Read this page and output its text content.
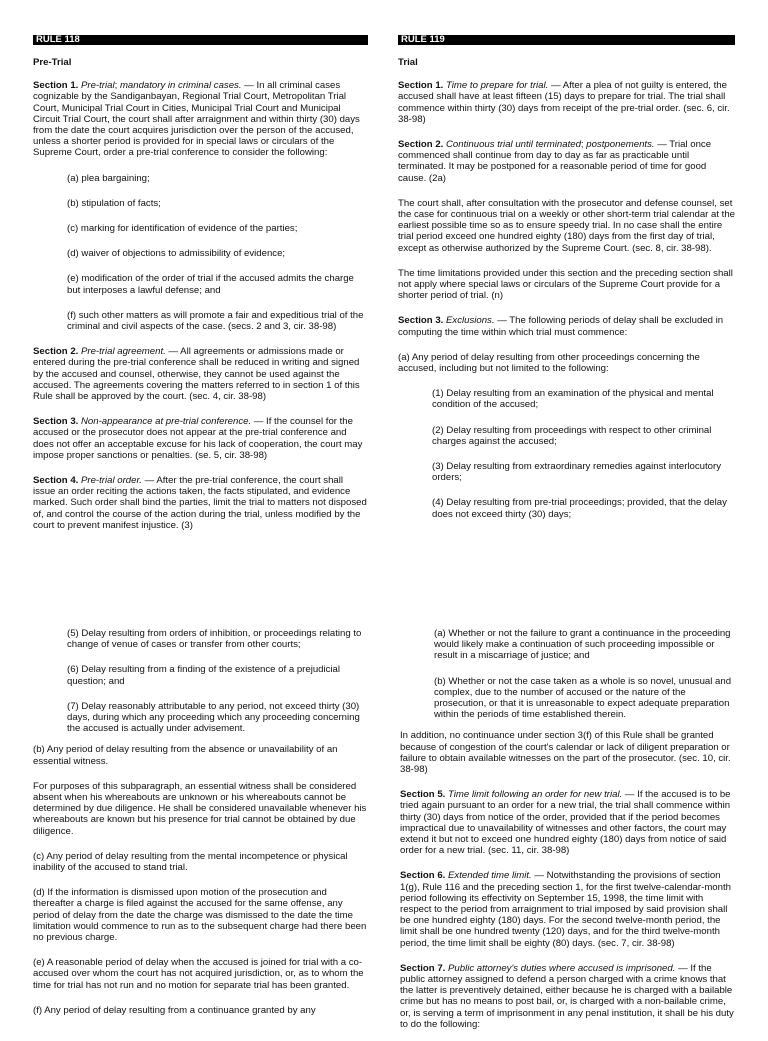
RULE 118
Pre-Trial

Section 1. Pre-trial; mandatory in criminal cases. — In all criminal cases cognizable by the Sandiganbayan, Regional Trial Court, Metropolitan Trial Court, Municipal Trial Court in Cities, Municipal Trial Court and Municipal Circuit Trial Court, the court shall after arraignment and within thirty (30) days from the date the court acquires jurisdiction over the person of the accused, unless a shorter period is provided for in special laws or circulars of the Supreme Court, order a pre-trial conference to consider the following:

(a) plea bargaining;

(b) stipulation of facts;

(c) marking for identification of evidence of the parties;

(d) waiver of objections to admissibility of evidence;

(e) modification of the order of trial if the accused admits the charge but interposes a lawful defense; and

(f) such other matters as will promote a fair and expeditious trial of the criminal and civil aspects of the case. (secs. 2 and 3, cir. 38-98)

Section 2. Pre-trial agreement. — All agreements or admissions made or entered during the pre-trial conference shall be reduced in writing and signed by the accused and counsel, otherwise, they cannot be used against the accused. The agreements covering the matters referred to in section 1 of this Rule shall be approved by the court. (sec. 4, cir. 38-98)

Section 3. Non-appearance at pre-trial conference. — If the counsel for the accused or the prosecutor does not appear at the pre-trial conference and does not offer an acceptable excuse for his lack of cooperation, the court may impose proper sanctions or penalties. (se. 5, cir. 38-98)

Section 4. Pre-trial order. — After the pre-trial conference, the court shall issue an order reciting the actions taken, the facts stipulated, and evidence marked. Such order shall bind the parties, limit the trial to matters not disposed of, and control the course of the action during the trial, unless modified by the court to prevent manifest injustice. (3)

RULE 119
Trial

Section 1. Time to prepare for trial. — After a plea of not guilty is entered, the accused shall have at least fifteen (15) days to prepare for trial. The trial shall commence within thirty (30) days from receipt of the pre-trial order. (sec. 6, cir. 38-98)

Section 2. Continuous trial until terminated; postponements. — Trial once commenced shall continue from day to day as far as practicable until terminated. It may be postponed for a reasonable period of time for good cause. (2a)

The court shall, after consultation with the prosecutor and defense counsel, set the case for continuous trial on a weekly or other short-term trial calendar at the earliest possible time so as to ensure speedy trial. In no case shall the entire trial period exceed one hundred eighty (180) days from the first day of trial, except as otherwise authorized by the Supreme Court. (sec. 8, cir. 38-98).

The time limitations provided under this section and the preceding section shall not apply where special laws or circulars of the Supreme Court provide for a shorter period of trial. (n)

Section 3. Exclusions. — The following periods of delay shall be excluded in computing the time within which trial must commence:

(a) Any period of delay resulting from other proceedings concerning the accused, including but not limited to the following:

(1) Delay resulting from an examination of the physical and mental condition of the accused;

(2) Delay resulting from proceedings with respect to other criminal charges against the accused;

(3) Delay resulting from extraordinary remedies against interlocutory orders;

(4) Delay resulting from pre-trial proceedings; provided, that the delay does not exceed thirty (30) days;

(5) Delay resulting from orders of inhibition, or proceedings relating to change of venue of cases or transfer from other courts;

(6) Delay resulting from a finding of the existence of a prejudicial question; and

(7) Delay reasonably attributable to any period, not exceed thirty (30) days, during which any proceeding which any proceeding concerning the accused is actually under advisement.

(b) Any period of delay resulting from the absence or unavailability of an essential witness.

For purposes of this subparagraph, an essential witness shall be considered absent when his whereabouts are unknown or his whereabouts cannot be determined by due diligence. He shall be considered unavailable whenever his whereabouts are known but his presence for trial cannot be obtained by due diligence.

(c) Any period of delay resulting from the mental incompetence or physical inability of the accused to stand trial.

(d) If the information is dismissed upon motion of the prosecution and thereafter a charge is filed against the accused for the same offense, any period of delay from the date the charge was dismissed to the date the time limitation would commence to run as to the subsequent charge had there been no previous charge.

(e) A reasonable period of delay when the accused is joined for trial with a co-accused over whom the court has not acquired jurisdiction, or, as to whom the time for trial has not run and no motion for separate trial has been granted.

(f) Any period of delay resulting from a continuance granted by any

(a) Whether or not the failure to grant a continuance in the proceeding would likely make a continuation of such proceeding impossible or result in a miscarriage of justice; and

(b) Whether or not the case taken as a whole is so novel, unusual and complex, due to the number of accused or the nature of the prosecution, or that it is unreasonable to expect adequate preparation within the periods of time established therein.

In addition, no continuance under section 3(f) of this Rule shall be granted because of congestion of the court's calendar or lack of diligent preparation or failure to obtain available witnesses on the part of the prosecutor. (sec. 10, cir. 38-98)

Section 5. Time limit following an order for new trial. — If the accused is to be tried again pursuant to an order for a new trial, the trial shall commence within thirty (30) days from notice of the order, provided that if the period becomes impractical due to unavailability of witnesses and other factors, the court may extend it but not to exceed one hundred eighty (180) days from notice of said order for a new trial. (sec. 11, cir. 38-98)

Section 6. Extended time limit. — Notwithstanding the provisions of section 1(g), Rule 116 and the preceding section 1, for the first twelve-calendar-month period following its effectivity on September 15, 1998, the time limit with respect to the period from arraignment to trial imposed by said provision shall be one hundred eighty (180) days. For the second twelve-month period, the limit shall be one hundred twenty (120) days, and for the third twelve-month period, the time limit shall be eighty (80) days. (sec. 7, cir. 38-98)

Section 7. Public attorney's duties where accused is imprisoned. — If the public attorney assigned to defend a person charged with a crime knows that the latter is preventively detained, either because he is charged with a bailable crime but has no means to post bail, or, is charged with a non-bailable crime, or, is serving a term of imprisonment in any penal institution, it shall be his duty to do the following:
